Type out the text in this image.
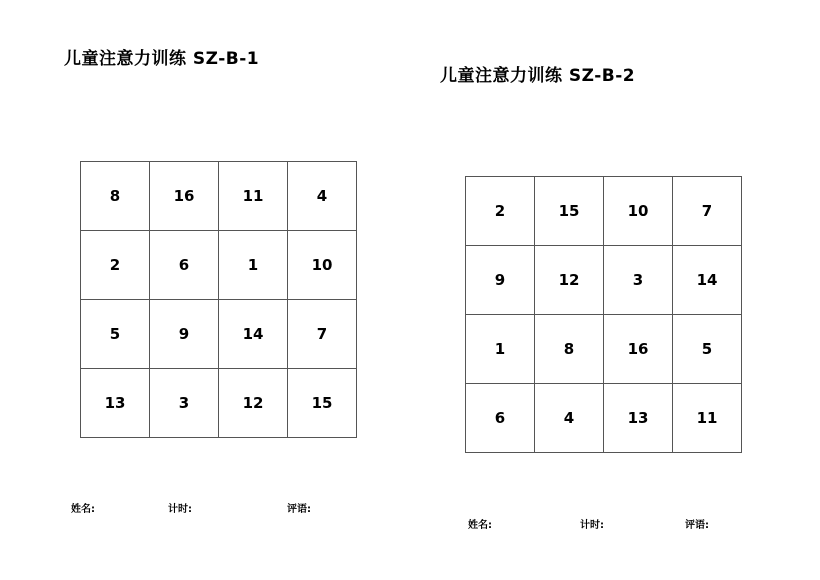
儿童注意力训练 SZ-B-1
8	16	11	4
2	6	1	10
5	9	14	7
13	3	12	15
姓名:	计时:	评语:
儿童注意力训练 SZ-B-2
2	15	10	7
9	12	3	14
1	8	16	5
6	4	13	11
姓名:	计时:	评语:
